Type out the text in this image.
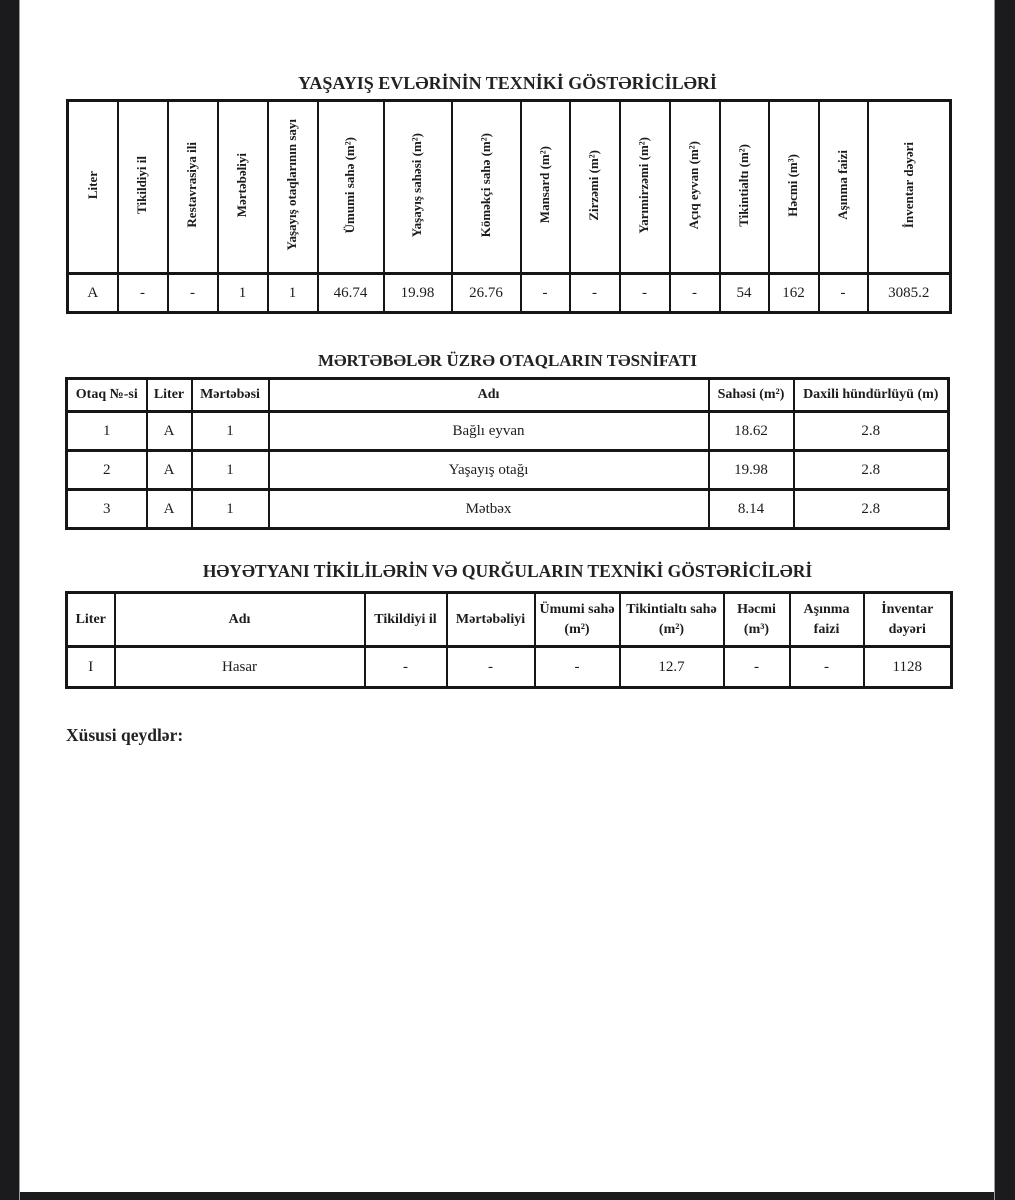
YAŞAYIŞ EVLƏRİNİN TEXNİKİ GÖSTƏRİCİLƏRİ
Liter	Tikildiyi il	Restavrasiya ili	Mərtəbəliyi	Yaşayış otaqlarının sayı	Ümumi sahə (m²)	Yaşayış sahəsi (m²)	Köməkçi sahə (m²)	Mansard (m²)	Zirzəmi (m²)	Yarımirzəmi (m²)	Açıq eyvan (m²)	Tikintialtı (m²)	Həcmi (m³)	Aşınma faizi	İnventar dəyəri
A	-	-	1	1	46.74	19.98	26.76	-	-	-	-	54	162	-	3085.2
MƏRTƏBƏLƏR ÜZRƏ OTAQLARIN TƏSNİFATI
Otaq №-si	Liter	Mərtəbəsi	Adı	Sahəsi (m²)	Daxili hündürlüyü (m)
1	A	1	Bağlı eyvan	18.62	2.8
2	A	1	Yaşayış otağı	19.98	2.8
3	A	1	Mətbəx	8.14	2.8
HƏYƏTYANI TİKİLİLƏRİN VƏ QURĞULARIN TEXNİKİ GÖSTƏRİCİLƏRİ
Liter	Adı	Tikildiyi il	Mərtəbəliyi	Ümumi sahə (m²)	Tikintialtı sahə (m²)	Həcmi (m³)	Aşınma faizi	İnventar dəyəri
I	Hasar	-	-	-	12.7	-	-	1128
Xüsusi qeydlər:
